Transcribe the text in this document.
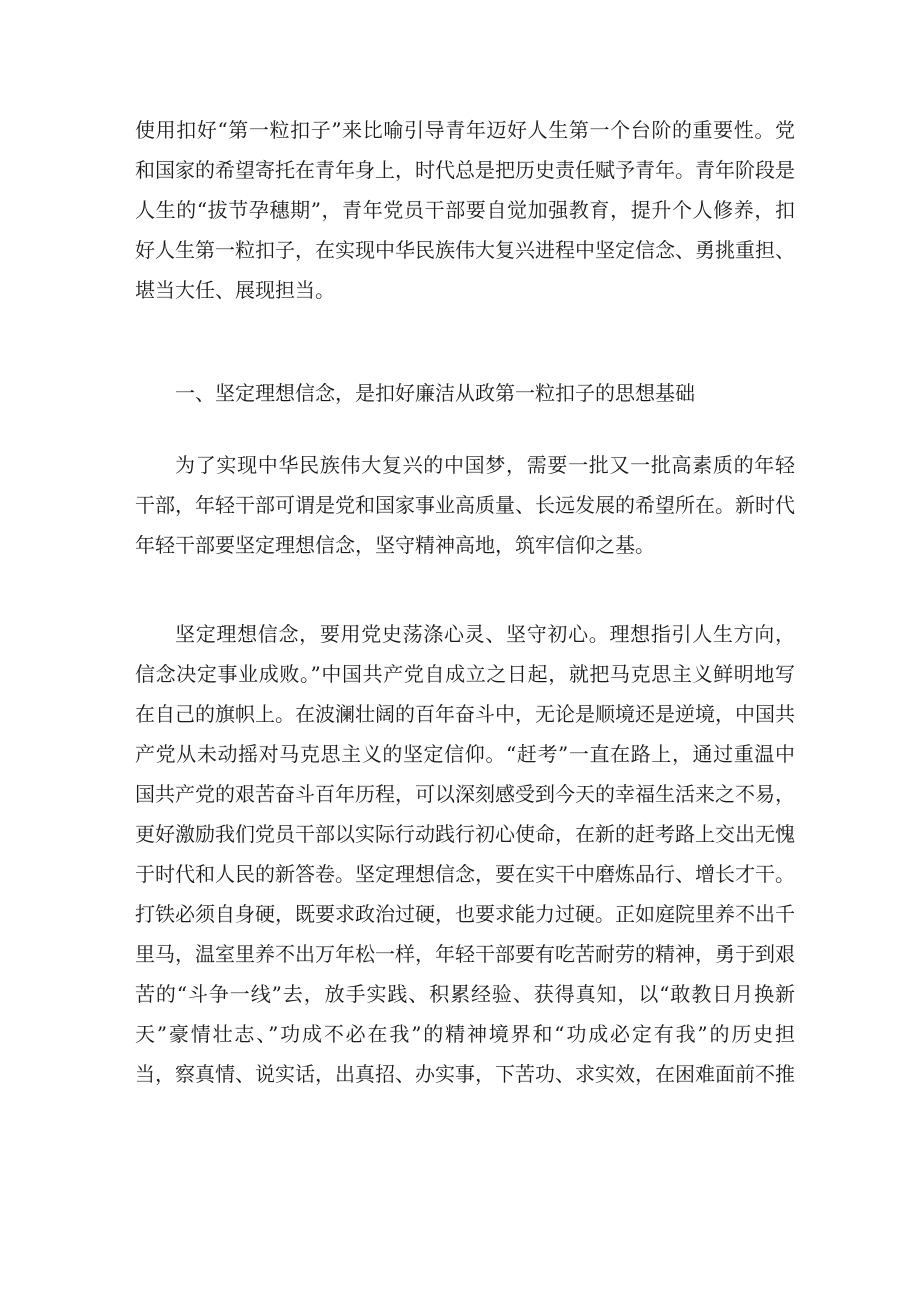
使用扣好“第一粒扣子”来比喻引导青年迈好人生第一个台阶的重要性。党
和国家的希望寄托在青年身上，时代总是把历史责任赋予青年。青年阶段是
人生的“拔节孕穗期”，青年党员干部要自觉加强教育，提升个人修养，扣
好人生第一粒扣子，在实现中华民族伟大复兴进程中坚定信念、勇挑重担、
堪当大任、展现担当。
一、坚定理想信念，是扣好廉洁从政第一粒扣子的思想基础
为了实现中华民族伟大复兴的中国梦，需要一批又一批高素质的年轻
干部，年轻干部可谓是党和国家事业高质量、长远发展的希望所在。新时代
年轻干部要坚定理想信念，坚守精神高地，筑牢信仰之基。
坚定理想信念，要用党史荡涤心灵、坚守初心。理想指引人生方向，
信念决定事业成败。”中国共产党自成立之日起，就把马克思主义鲜明地写
在自己的旗帜上。在波澜壮阔的百年奋斗中，无论是顺境还是逆境，中国共
产党从未动摇对马克思主义的坚定信仰。“赶考”一直在路上，通过重温中
国共产党的艰苦奋斗百年历程，可以深刻感受到今天的幸福生活来之不易，
更好激励我们党员干部以实际行动践行初心使命，在新的赶考路上交出无愧
于时代和人民的新答卷。坚定理想信念，要在实干中磨炼品行、增长才干。
打铁必须自身硬，既要求政治过硬，也要求能力过硬。正如庭院里养不出千
里马，温室里养不出万年松一样，年轻干部要有吃苦耐劳的精神，勇于到艰
苦的“斗争一线”去，放手实践、积累经验、获得真知，以“敢教日月换新
天”豪情壮志、”功成不必在我”的精神境界和“功成必定有我”的历史担
当，察真情、说实话，出真招、办实事，下苦功、求实效，在困难面前不推
